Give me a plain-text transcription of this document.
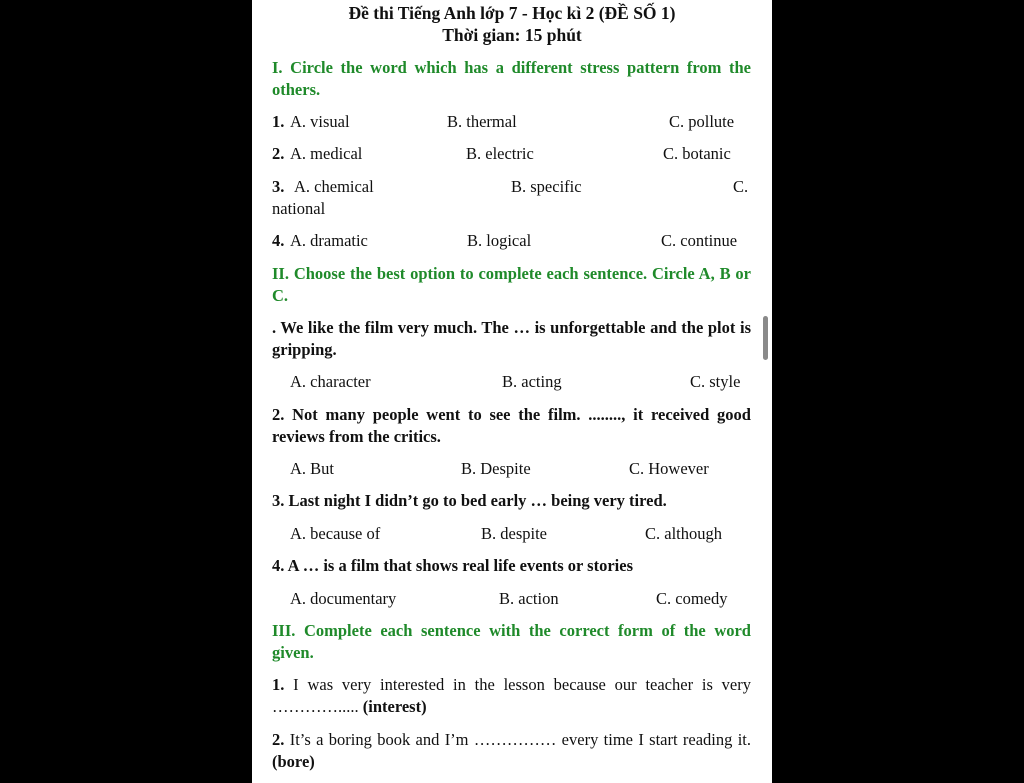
Đề thi Tiếng Anh lớp 7 - Học kì 2 (ĐỀ SỐ 1)
Thời gian: 15 phút
I. Circle the word which has a different stress pattern from the others.
1. A. visual	B. thermal	C. pollute
2. A. medical	B. electric	C. botanic
3. A. chemical	B. specific	C.
national
4. A. dramatic	B. logical	C. continue
II. Choose the best option to complete each sentence. Circle A, B or C.
. We like the film very much. The … is unforgettable and the plot is gripping.
A. character	B. acting	C. style
2. Not many people went to see the film. ........, it received good reviews from the critics.
A. But	B. Despite	C. However
3. Last night I didn’t go to bed early … being very tired.
A. because of	B. despite	C. although
4. A … is a film that shows real life events or stories
A. documentary	B. action	C. comedy
III. Complete each sentence with the correct form of the word given.
1. I was very interested in the lesson because our teacher is very …………..... (interest)
2. It’s a boring book and I’m …………… every time I start reading it. (bore)
